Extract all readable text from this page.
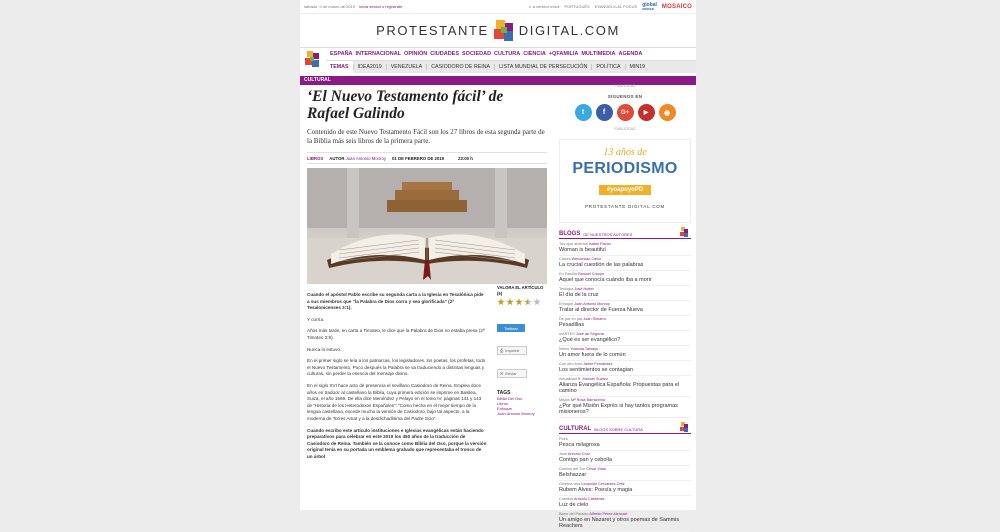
sábado, 9 de marzo de 2019 Inicia sesión o regístrate	Ir a versión móvil PORTUGUÊS EVANGELICAL FOCUS global
MINDED	MOSAICO
PROTESTANTE DIGITAL.COM
ESPAÑA INTERNACIONAL OPINIÓN CIUDADES SOCIEDAD CULTURA CIENCIA +QFAMILIA MULTIMEDIA AGENDA
TEMAS	IDEA2019	VENEZUELA	CASIODORO DE REINA	LISTA MUNDIAL DE PERSECUCIÓN	POLÍTICA	MIN19
CULTURAL
‘El Nuevo Testamento fácil’ de Rafael Galindo

Contenido de este Nuevo Testamento Fácil son los 27 libros de esta segunda parte de la Biblia más seis libros de la primera parte.

LIBROS AUTOR Juan Antonio Monroy 01 DE FEBRERO DE 2019	23:00 h

Cuando el apóstol Pablo escribe su segunda carta a la Iglesia en Tesalónica pide a sus miembros que “la Palabra de Dios corra y sea glorificada” (2ª Tesalonicenses 3:1).

Y corría.

Años más tarde, en carta a Timoteo, le dice que la Palabra de Dios no estaba presa (2ª Timoteo 2:9).

Nunca lo estuvo.

En el primer siglo se leía a los patriarcas, los legisladores, los poetas, los profetas, todo el Nuevo Testamento. Poco después la Palabra se va traduciendo a distintas lenguas y culturas, sin perder la esencia del mensaje divino.

En el siglo XVI hace acto de presencia el sevillano Casiodoro de Reina. Emplea doce años en traducir al castellano la Biblia, cuya primera edición se imprime en Basilea, Suiza, el año 1569. De ella dice Menéndez y Pelayo en el tomo IV, páginas 141 y 143 de “Historia de los Heterodoxos Españoles”: “Como hecha en el mejor tiempo de la lengua castellana, excede mucho la versión de Casiodoro, bajo tal aspecto, a la moderna de Torres Amat y a la desdichadísima del Padre Scio”.

Cuando escribo este artículo instituciones e Iglesias evangélicas están haciendo preparativos para celebrar en este 2019 los 450 años de la traducción de Casiodoro de Reina. También se la conoce como Biblia del Oso, porque la versión original tenía en su portada un emblema grabado que representaba el tronco de un árbol

VALORA EL ARTÍCULO (6)
Twittear
⎙ Imprimir
✉ Enviar
TAGS
Biblia Del Oso
Libros
Enfoque
Juan Antonio Monroy
PUBLICIDAD
SÍGUENOS EN
t	f	G+	▶	◉
PUBLICIDAD
13 años de
PERIODISMO
#yoapoyoPD
PROTESTANTE DIGITAL.COM
BLOGS DE NUESTROS AUTORES
Tus ojos abiertos Isabel Pavón
Woman is beautiful
Claves Wenceslao Calvo
La crucial cuestión de las palabras
En Familia Samuel Crespo
Aquel que conocía cuándo iba a morir
Teología José Hutter
El día de la cruz
Enfoque Juan Antonio Monroy
Tratar al director de Fuerza Nueva
De par en par Juan Simarro
Pesadillas
mARTES José de Segovia
¿Qué es ser evangélico?
Íntimo Yolanda Tamayo
Un amor fuera de lo común
Con otro tono Jaime Fernández
Los sentimientos se contagian
Actualidad X. Manuel Suárez
Alianza Evangélica Española: Propuestas para el camino
Misión Mª Rosa Barrachina
¿Por qué Misión Exprés si hay tantos programas misioneros?
CULTURAL BLOGS SOBRE CULTURA
Poes
Pesca milagrosa
José Antonio Cruz
Contigo pan y cebolla
Camino del Sur César Vidal
Belshazzar
Ginebra viva Leopoldo Cervantes-Ortiz
Rubem Alves: Poesía y magia
Cuentos Antonio Cárdenas
Luz de cielo
Barro del Paraíso Alfredo Pérez Alencart
Un amigo en Nazaret y otros poemas de Sammis Reachers
